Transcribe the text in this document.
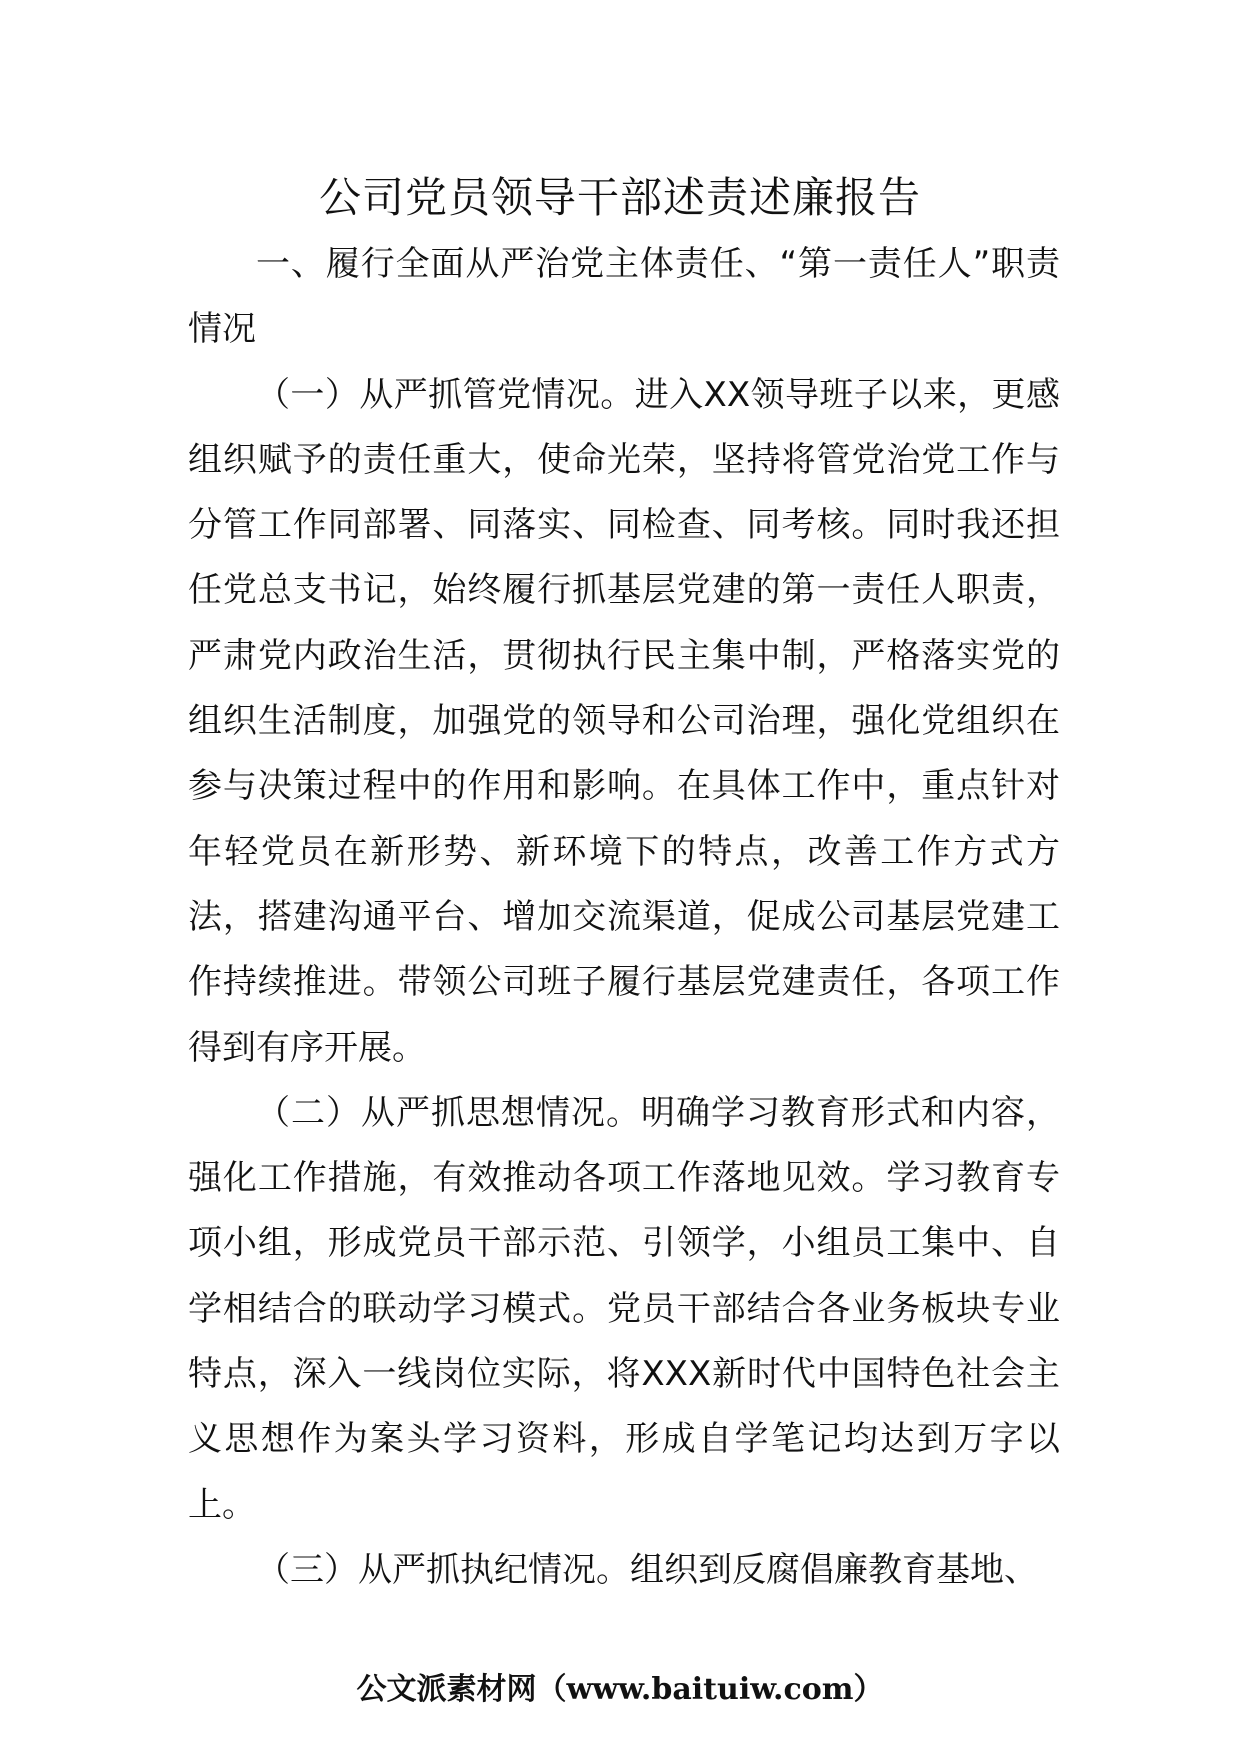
公司党员领导干部述责述廉报告

一、履行全面从严治党主体责任、“第一责任人”职责情况

（一）从严抓管党情况。进入XX领导班子以来，更感组织赋予的责任重大，使命光荣，坚持将管党治党工作与分管工作同部署、同落实、同检查、同考核。同时我还担任党总支书记，始终履行抓基层党建的第一责任人职责，严肃党内政治生活，贯彻执行民主集中制，严格落实党的组织生活制度，加强党的领导和公司治理，强化党组织在参与决策过程中的作用和影响。在具体工作中，重点针对年轻党员在新形势、新环境下的特点，改善工作方式方法，搭建沟通平台、增加交流渠道，促成公司基层党建工作持续推进。带领公司班子履行基层党建责任，各项工作得到有序开展。

（二）从严抓思想情况。明确学习教育形式和内容，强化工作措施，有效推动各项工作落地见效。学习教育专项小组，形成党员干部示范、引领学，小组员工集中、自学相结合的联动学习模式。党员干部结合各业务板块专业特点，深入一线岗位实际，将XXX新时代中国特色社会主义思想作为案头学习资料，形成自学笔记均达到万字以上。

（三）从严抓执纪情况。组织到反腐倡廉教育基地、

公文派素材网（www.baituiw.com）
